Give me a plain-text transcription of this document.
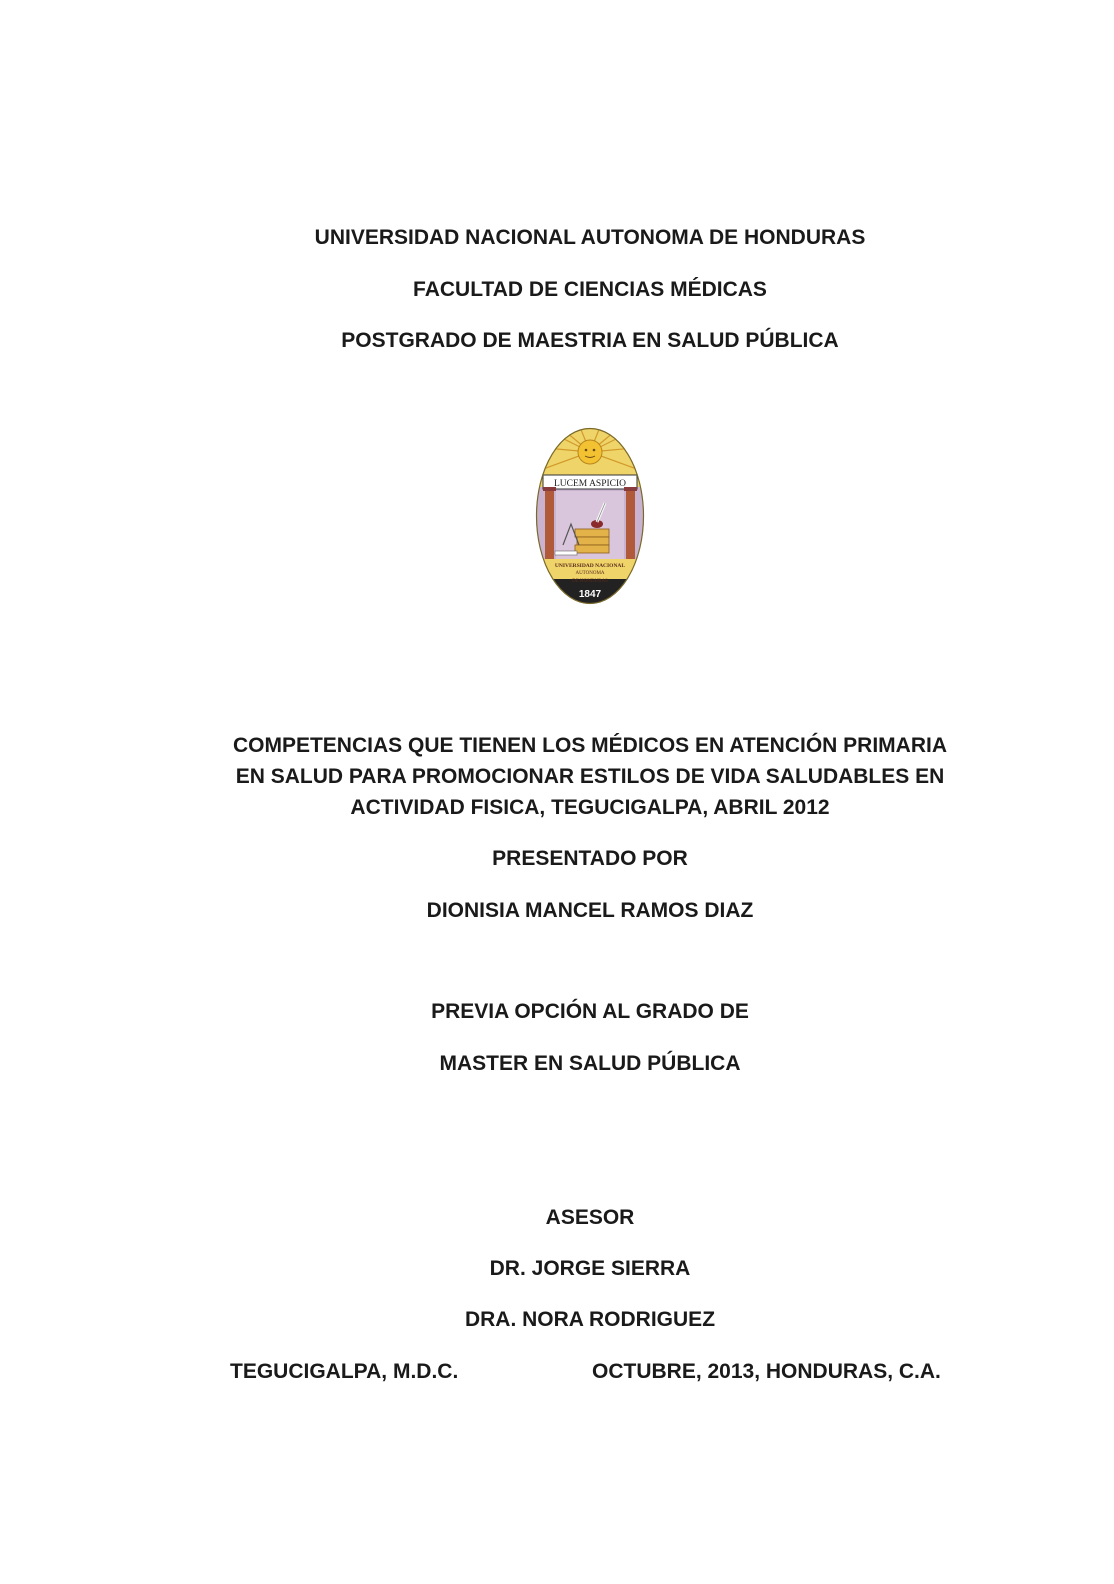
UNIVERSIDAD NACIONAL AUTONOMA DE HONDURAS
FACULTAD DE CIENCIAS MÉDICAS
POSTGRADO DE MAESTRIA EN SALUD PÚBLICA
LUCEM ASPICIO
UNIVERSIDAD NACIONAL
AUTONOMA
DE HONDURAS
1847
COMPETENCIAS QUE TIENEN LOS MÉDICOS EN ATENCIÓN PRIMARIA
EN SALUD PARA PROMOCIONAR ESTILOS DE VIDA SALUDABLES EN
ACTIVIDAD FISICA, TEGUCIGALPA, ABRIL 2012
PRESENTADO POR
DIONISIA MANCEL RAMOS DIAZ
PREVIA OPCIÓN AL GRADO DE
MASTER EN SALUD PÚBLICA
ASESOR
DR. JORGE SIERRA
DRA. NORA RODRIGUEZ
TEGUCIGALPA, M.D.C.	OCTUBRE, 2013, HONDURAS, C.A.
